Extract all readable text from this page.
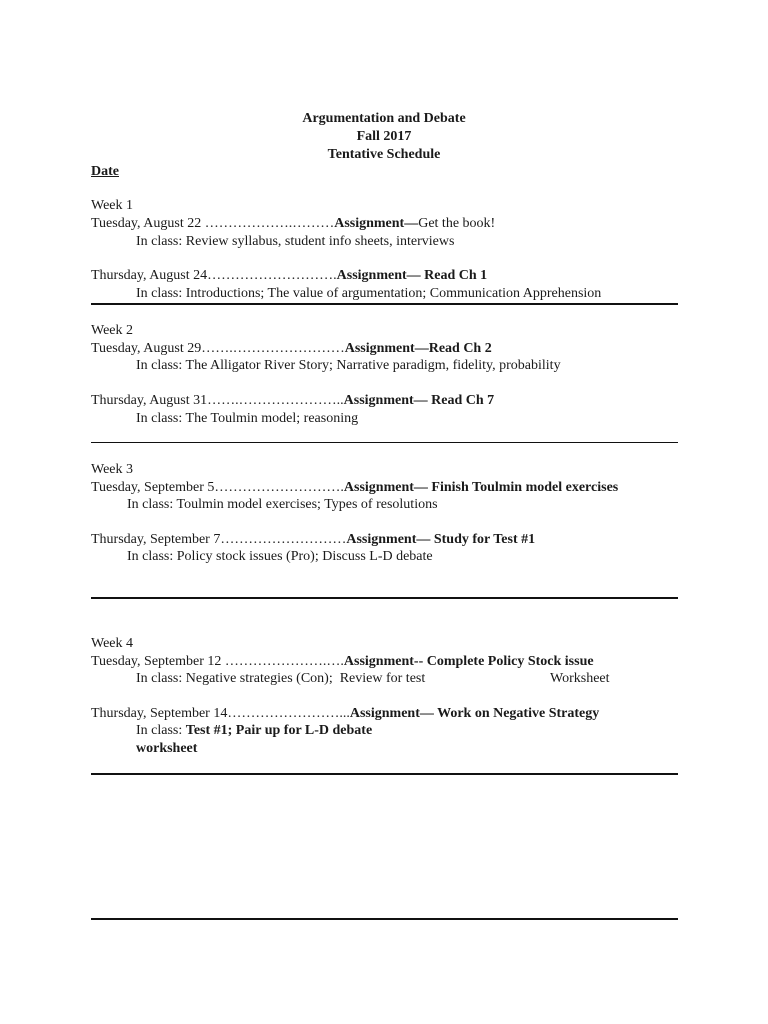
Argumentation and Debate
Fall 2017
Tentative Schedule
Date
Week 1
Tuesday, August 22 ……………….………Assignment—Get the book!
In class: Review syllabus, student info sheets, interviews
Thursday, August 24……………………….Assignment— Read Ch 1
In class: Introductions; The value of argumentation; Communication Apprehension
Week 2
Tuesday, August 29…….……………………Assignment—Read Ch 2
In class: The Alligator River Story; Narrative paradigm, fidelity, probability
Thursday, August 31…….…………………..Assignment— Read Ch 7
In class: The Toulmin model; reasoning
Week 3
Tuesday, September 5……………………….Assignment— Finish Toulmin model exercises
In class: Toulmin model exercises; Types of resolutions
Thursday, September 7………………………Assignment— Study for Test #1
In class: Policy stock issues (Pro); Discuss L-D debate
Week 4
Tuesday, September 12 ………………….….Assignment-- Complete Policy Stock issue
In class: Negative strategies (Con);  Review for test	Worksheet
Thursday, September 14……………………...Assignment— Work on Negative Strategy
In class: Test #1; Pair up for L-D debate
worksheet
